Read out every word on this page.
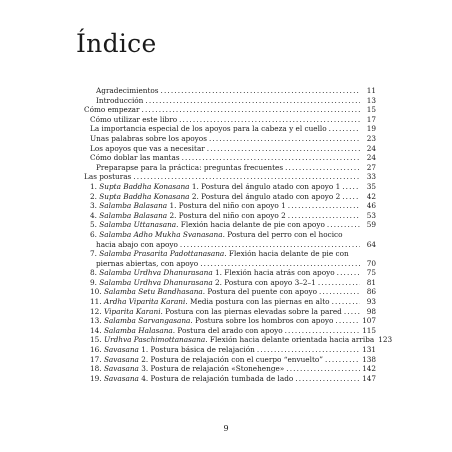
Índice
Agradecimientos . . .	11
Introducción . . .	13
Cómo empezar . . .	15
Cómo utilizar este libro . . .	17
La importancia especial de los apoyos para la cabeza y el cuello . . .	19
Unas palabras sobre los apoyos . . .	23
Los apoyos que vas a necesitar . . .	24
Cómo doblar las mantas . . .	24
Preparapse para la práctica: preguntas frecuentes . . .	27
Las posturas . . .	33
1. Supta Baddha Konasana 1. Postura del ángulo atado con apoyo 1 . . .	35
2. Supta Baddha Konasana 2. Postura del ángulo atado con apoyo 2 . . .	42
3. Salamba Balasana 1. Postura del niño con apoyo 1 . . .	46
4. Salamba Balasana 2. Postura del niño con apoyo 2 . . .	53
5. Salamba Uttanasana. Flexión hacia delante de pie con apoyo . . .	59
6. Salamba Adho Mukha Svanasana. Postura del perro con el hocico
hacia abajo con apoyo . . .	64
7. Salamba Prasarita Padottanasana. Flexión hacia delante de pie con
piernas abiertas, con apoyo . . .	70
8. Salamba Urdhva Dhanurasana 1. Flexión hacia atrás con apoyo . . .	75
9. Salamba Urdhva Dhanurasana 2. Postura con apoyo 3–2–1 . . .	81
10. Salamba Setu Bandhasana. Postura del puente con apoyo . . .	86
11. Ardha Viparita Karani. Media postura con las piernas en alto . . .	93
12. Viparita Karani. Postura con las piernas elevadas sobre la pared . . .	98
13. Salamba Sarvangasana. Postura sobre los hombros con apoyo . . .	107
14. Salamba Halasana. Postura del arado con apoyo . . .	115
15. Urdhva Paschimottanasana. Flexión hacia delante orientada hacia arriba 123
16. Savasana 1. Postura básica de relajación . . .	131
17. Savasana 2. Postura de relajación con el cuerpo “envuelto” . . .	138
18. Savasana 3. Postura de relajación «Stonehenge» . . .	142
19. Savasana 4. Postura de relajación tumbada de lado . . .	147
9
